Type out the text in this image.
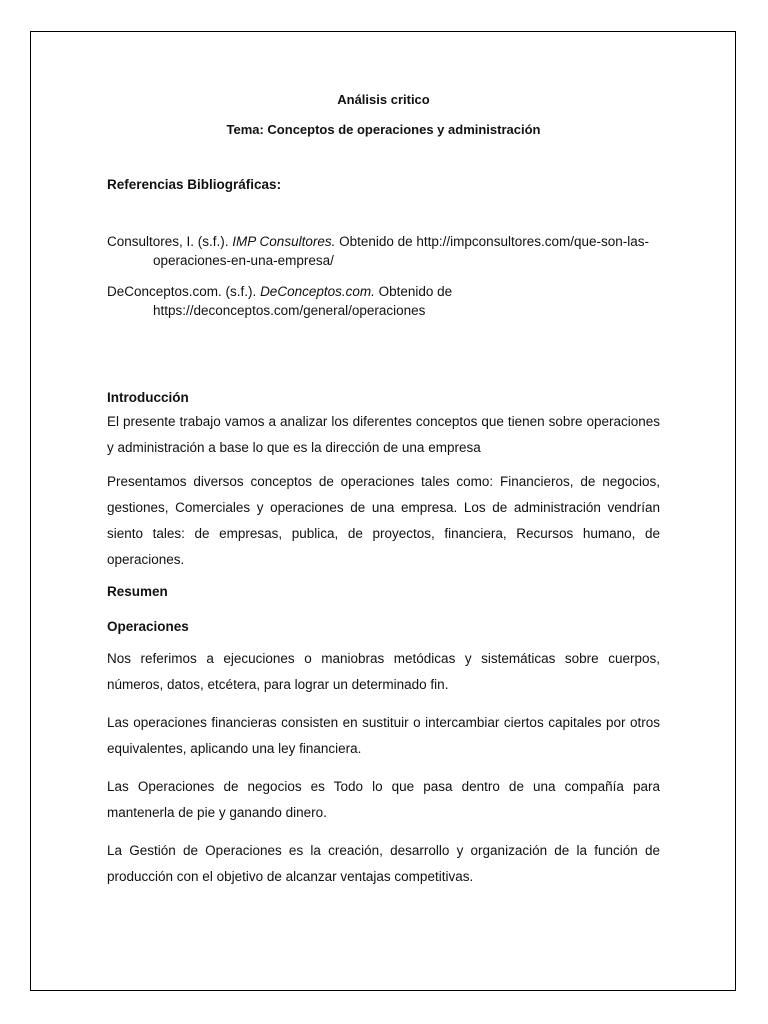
Análisis critico

Tema: Conceptos de operaciones y administración

Referencias Bibliográficas:

Consultores, I. (s.f.). IMP Consultores. Obtenido de http://impconsultores.com/que-son-las-operaciones-en-una-empresa/

DeConceptos.com. (s.f.). DeConceptos.com. Obtenido de https://deconceptos.com/general/operaciones

Introducción

El presente trabajo vamos a analizar los diferentes conceptos que tienen sobre operaciones y administración a base lo que es la dirección de una empresa

Presentamos diversos conceptos de operaciones tales como: Financieros, de negocios, gestiones, Comerciales y operaciones de una empresa. Los de administración vendrían siento tales: de empresas, publica, de proyectos, financiera, Recursos humano, de operaciones.

Resumen

Operaciones

Nos referimos a ejecuciones o maniobras metódicas y sistemáticas sobre cuerpos, números, datos, etcétera, para lograr un determinado fin.

Las operaciones financieras consisten en sustituir o intercambiar ciertos capitales por otros equivalentes, aplicando una ley financiera.

Las Operaciones de negocios es Todo lo que pasa dentro de una compañía para mantenerla de pie y ganando dinero.

La Gestión de Operaciones es la creación, desarrollo y organización de la función de producción con el objetivo de alcanzar ventajas competitivas.
